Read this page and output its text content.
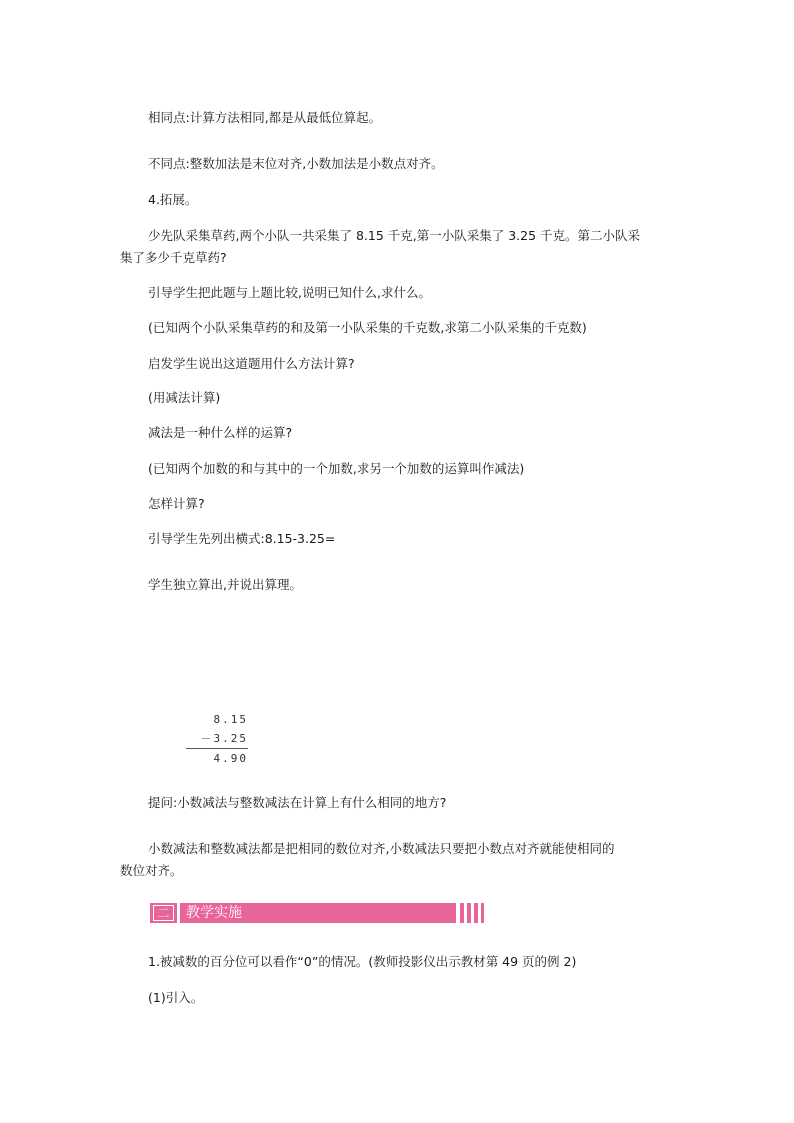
相同点:计算方法相同,都是从最低位算起。

不同点:整数加法是末位对齐,小数加法是小数点对齐。

4.拓展。

少先队采集草药,两个小队一共采集了 8.15 千克,第一小队采集了 3.25 千克。第二小队采

集了多少千克草药?

引导学生把此题与上题比较,说明已知什么,求什么。

(已知两个小队采集草药的和及第一小队采集的千克数,求第二小队采集的千克数)

启发学生说出这道题用什么方法计算?

(用减法计算)

减法是一种什么样的运算?

(已知两个加数的和与其中的一个加数,求另一个加数的运算叫作减法)

怎样计算?

引导学生先列出横式:8.15-3.25=

学生独立算出,并说出算理。

8.15
－3.25
4.90

提问:小数减法与整数减法在计算上有什么相同的地方?

小数减法和整数减法都是把相同的数位对齐,小数减法只要把小数点对齐就能使相同的

数位对齐。

二	教学实施

1.被减数的百分位可以看作“0”的情况。(教师投影仪出示教材第 49 页的例 2)

(1)引入。
